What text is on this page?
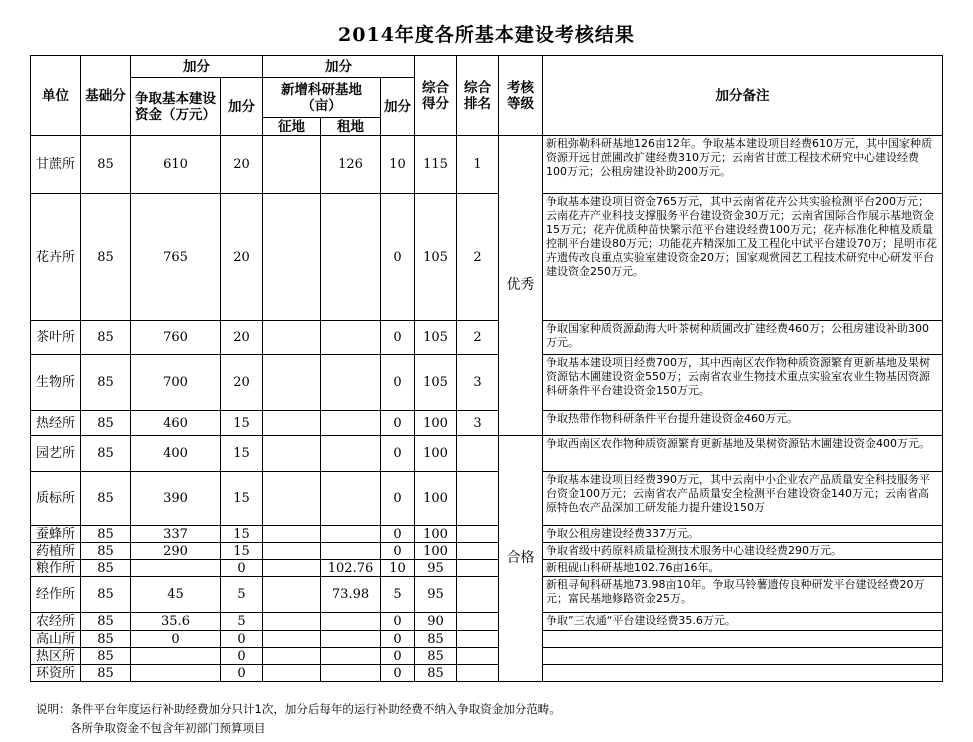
2014年度各所基本建设考核结果
单位	基础分	加分		加分			综合得分	综合排名	考核等级	加分备注
		争取基本建设资金（万元）	加分	新增科研基地（亩）		加分				
				征地	租地					
甘蔗所	85	610	20		126	10	115	1	优秀	新租弥勒科研基地126亩12年。争取基本建设项目经费610万元，其中国家种质资源开远甘蔗圃改扩建经费310万元；云南省甘蔗工程技术研究中心建设经费100万元；公租房建设补助200万元。
花卉所	85	765	20			0	105	2		争取基本建设项目资金765万元，其中云南省花卉公共实验检测平台200万元；云南花卉产业科技支撑服务平台建设资金30万元；云南省国际合作展示基地资金15万元；花卉优质种苗快繁示范平台建设经费100万元；花卉标准化种植及质量控制平台建设80万元；功能花卉精深加工及工程化中试平台建设70万；昆明市花卉遗传改良重点实验室建设资金20万；国家观赏园艺工程技术研究中心研发平台建设资金250万元。
茶叶所	85	760	20			0	105	2		争取国家种质资源勐海大叶茶树种质圃改扩建经费460万；公租房建设补助300万元。
生物所	85	700	20			0	105	3		争取基本建设项目经费700万，其中西南区农作物种质资源繁育更新基地及果树资源钻木圃建设资金550万；云南省农业生物技术重点实验室农业生物基因资源科研条件平台建设资金150万元。
热经所	85	460	15			0	100	3		争取热带作物科研条件平台提升建设资金460万元。
园艺所	85	400	15			0	100		合格	争取西南区农作物种质资源繁育更新基地及果树资源钻木圃建设资金400万元。
质标所	85	390	15			0	100			争取基本建设项目经费390万元，其中云南中小企业农产品质量安全科技服务平台资金100万元；云南省农产品质量安全检测平台建设资金140万元；云南省高原特色农产品深加工研发能力提升建设150万
蚕蜂所	85	337	15			0	100			争取公租房建设经费337万元。
药植所	85	290	15			0	100			争取省级中药原料质量检测技术服务中心建设经费290万元。
粮作所	85		0		102.76	10	95			新租砚山科研基地102.76亩16年。
经作所	85	45	5		73.98	5	95			新租寻甸科研基地73.98亩10年。争取马铃薯遗传良种研发平台建设经费20万元；富民基地修路资金25万。
农经所	85	35.6	5			0	90			争取”三农通“平台建设经费35.6万元。
高山所	85	0	0			0	85			
热区所	85		0			0	85			
环资所	85		0			0	85			
说明：条件平台年度运行补助经费加分只计1次，加分后每年的运行补助经费不纳入争取资金加分范畴。
各所争取资金不包含年初部门预算项目
